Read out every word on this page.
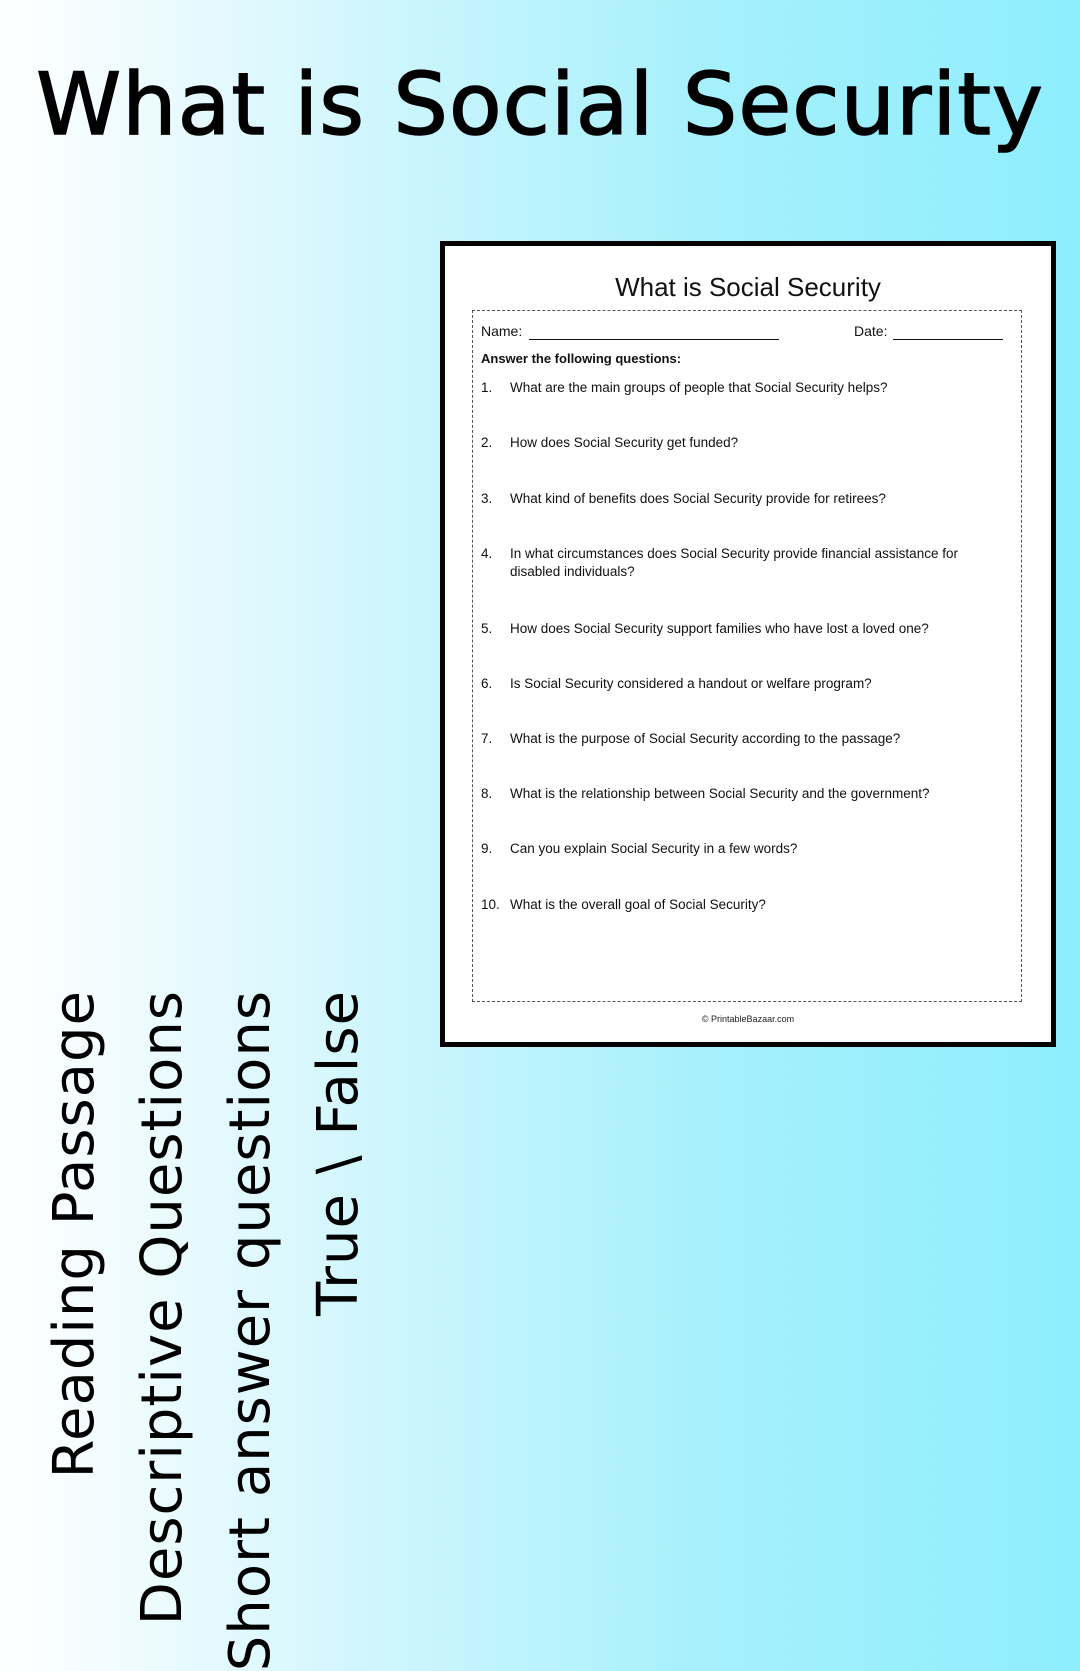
What is Social Security
Reading Passage Descriptive Questions Short answer questions True \ False
What is Social Security
Name:	Date:
Answer the following questions:
1.	What are the main groups of people that Social Security helps?
2.	How does Social Security get funded?
3.	What kind of benefits does Social Security provide for retirees?
4.	In what circumstances does Social Security provide financial assistance for disabled individuals?
5.	How does Social Security support families who have lost a loved one?
6.	Is Social Security considered a handout or welfare program?
7.	What is the purpose of Social Security according to the passage?
8.	What is the relationship between Social Security and the government?
9.	Can you explain Social Security in a few words?
10. What is the overall goal of Social Security?
© PrintableBazaar.com
